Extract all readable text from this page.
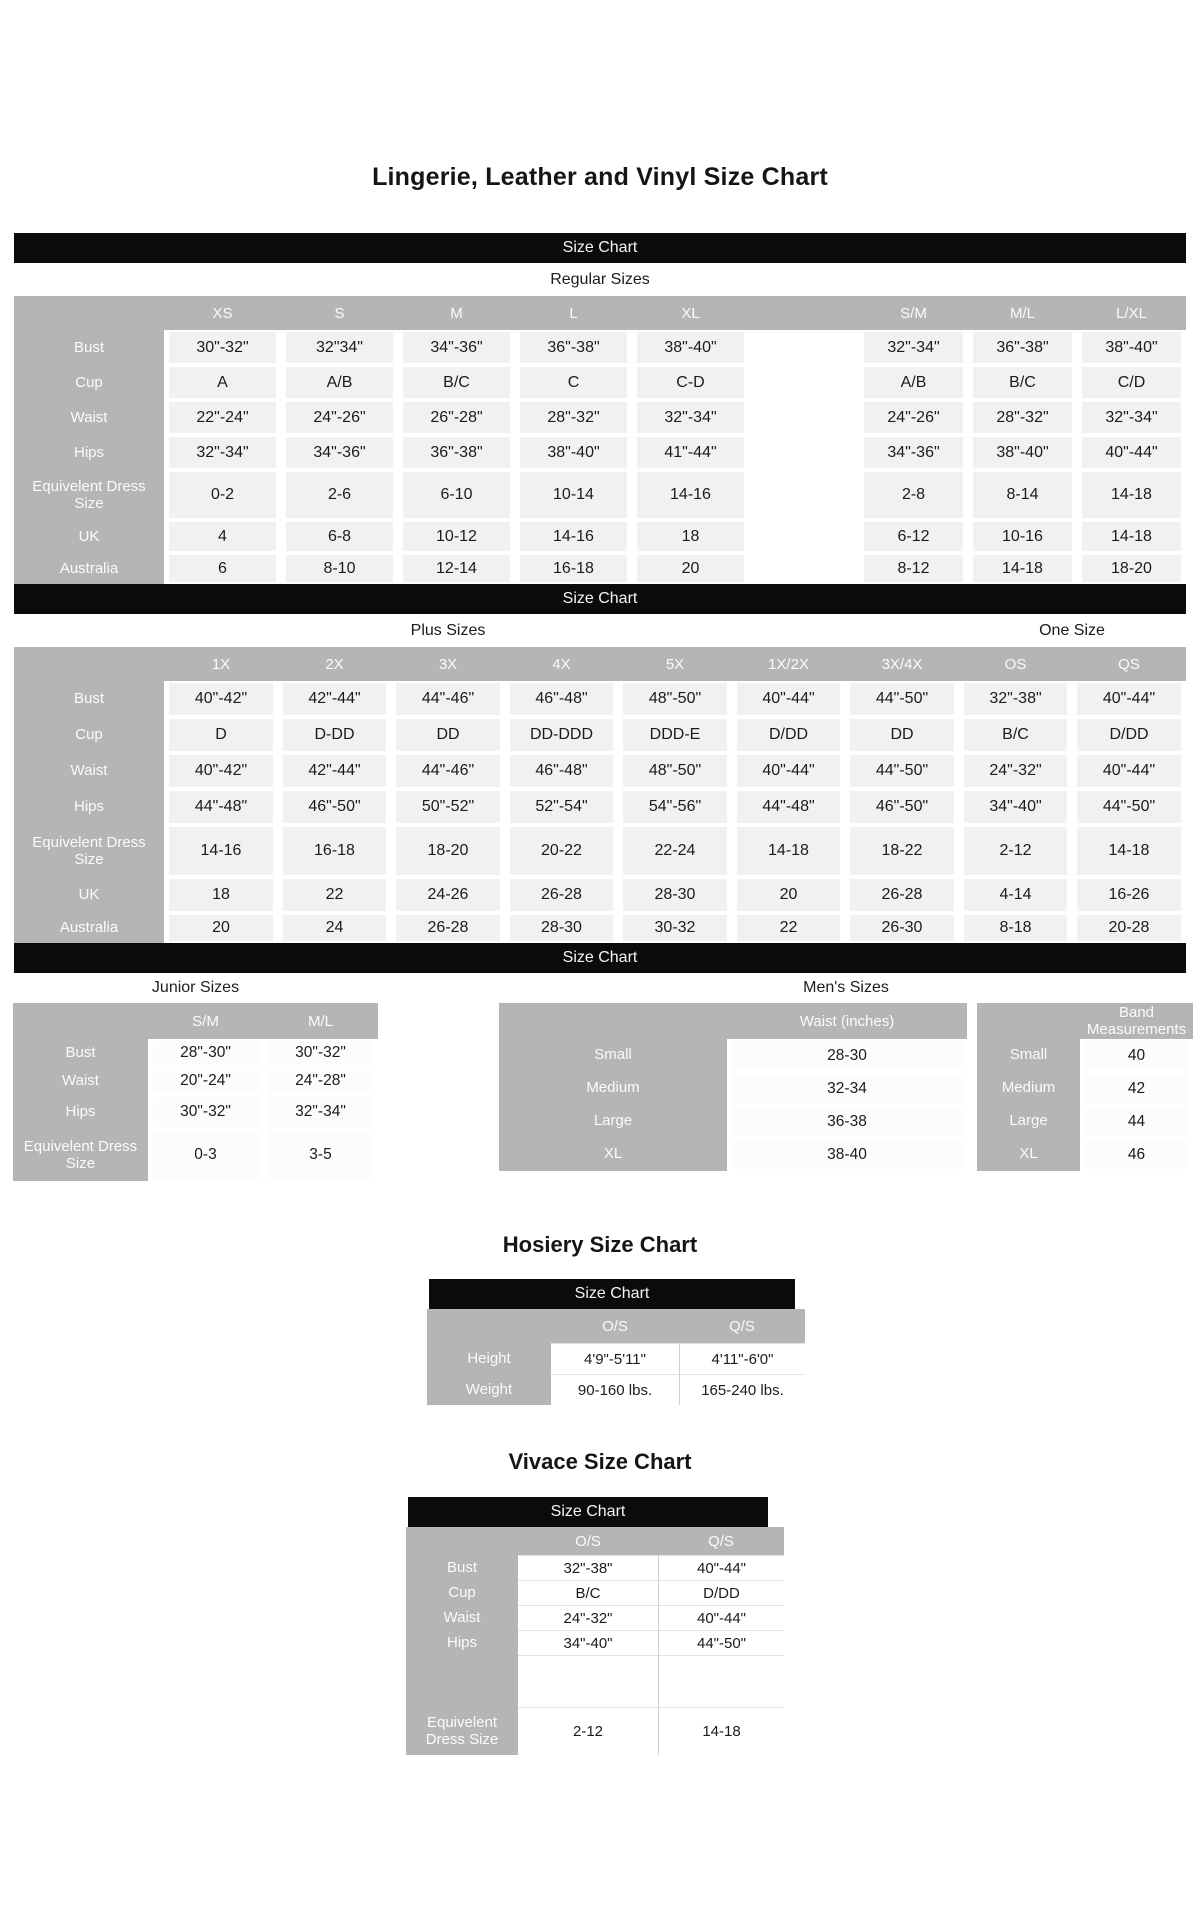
Lingerie, Leather and Vinyl Size Chart
Size Chart
Regular Sizes
	XS	S	M	L	XL		S/M	M/L	L/XL
Bust	30"-32"	32"34"	34"-36"	36"-38"	38"-40"		32"-34"	36"-38"	38"-40"
Cup	A	A/B	B/C	C	C-D		A/B	B/C	C/D
Waist	22"-24"	24"-26"	26"-28"	28"-32"	32"-34"		24"-26"	28"-32"	32"-34"
Hips	32"-34"	34"-36"	36"-38"	38"-40"	41"-44"		34"-36"	38"-40"	40"-44"
Equivelent Dress Size	0-2	2-6	6-10	10-14	14-16		2-8	8-14	14-18
UK	4	6-8	10-12	14-16	18		6-12	10-16	14-18
Australia	6	8-10	12-14	16-18	20		8-12	14-18	18-20
Size Chart
Plus Sizes	One Size
	1X	2X	3X	4X	5X	1X/2X	3X/4X	OS	QS
Bust	40"-42"	42"-44"	44"-46"	46"-48"	48"-50"	40"-44"	44"-50"	32"-38"	40"-44"
Cup	D	D-DD	DD	DD-DDD	DDD-E	D/DD	DD	B/C	D/DD
Waist	40"-42"	42"-44"	44"-46"	46"-48"	48"-50"	40"-44"	44"-50"	24"-32"	40"-44"
Hips	44"-48"	46"-50"	50"-52"	52"-54"	54"-56"	44"-48"	46"-50"	34"-40"	44"-50"
Equivelent Dress Size	14-16	16-18	18-20	20-22	22-24	14-18	18-22	2-12	14-18
UK	18	22	24-26	26-28	28-30	20	26-28	4-14	16-26
Australia	20	24	26-28	28-30	30-32	22	26-30	8-18	20-28
Size Chart
Junior Sizes	Men's Sizes
	S/M	M/L
Bust	28"-30"	30"-32"
Waist	20"-24"	24"-28"
Hips	30"-32"	32"-34"
Equivelent Dress Size	0-3	3-5
	Waist (inches)
Small	28-30
Medium	32-34
Large	36-38
XL	38-40
	Band Measurements
Small	40
Medium	42
Large	44
XL	46
Hosiery Size Chart
Size Chart
	O/S	Q/S
Height	4'9"-5'11"	4'11"-6'0"
Weight	90-160 lbs.	165-240 lbs.
Vivace Size Chart
Size Chart
	O/S	Q/S
Bust	32"-38"	40"-44"
Cup	B/C	D/DD
Waist	24"-32"	40"-44"
Hips	34"-40"	44"-50"

Equivelent Dress Size	2-12	14-18
